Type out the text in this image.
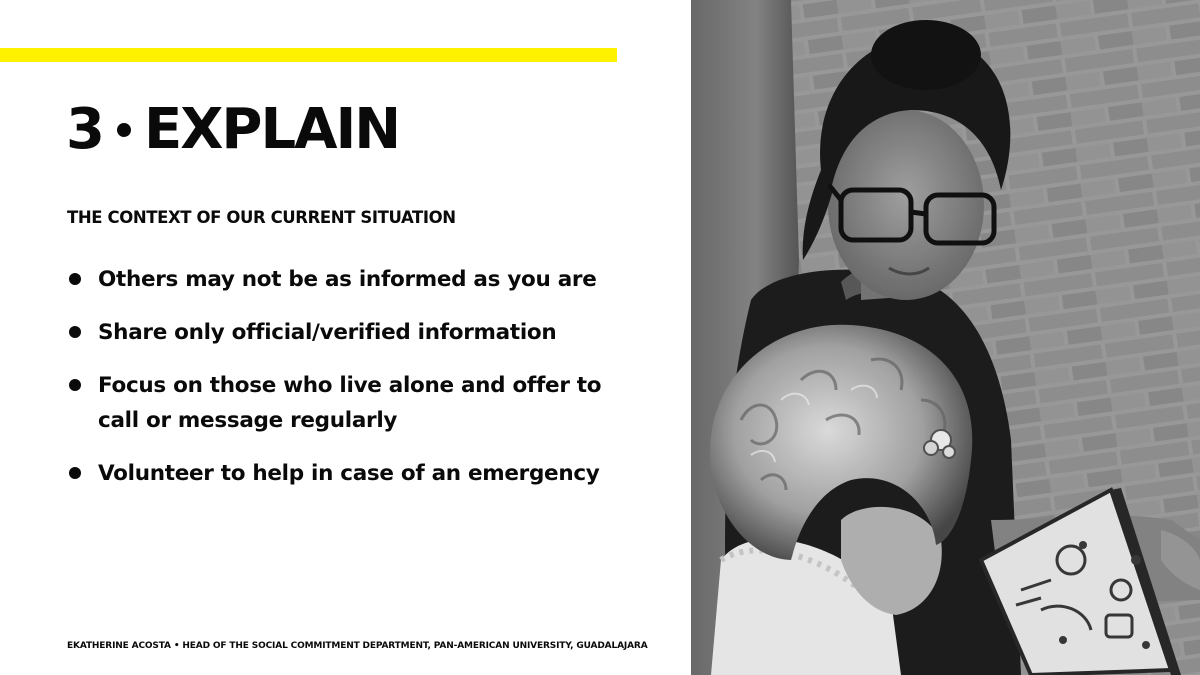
3 EXPLAIN
THE CONTEXT OF OUR CURRENT SITUATION
Others may not be as informed as you are
Share only official/verified information
Focus on those who live alone and offer to call or message regularly
Volunteer to help in case of an emergency
EKATHERINE ACOSTA • HEAD OF THE SOCIAL COMMITMENT DEPARTMENT, PAN-AMERICAN UNIVERSITY, GUADALAJARA
